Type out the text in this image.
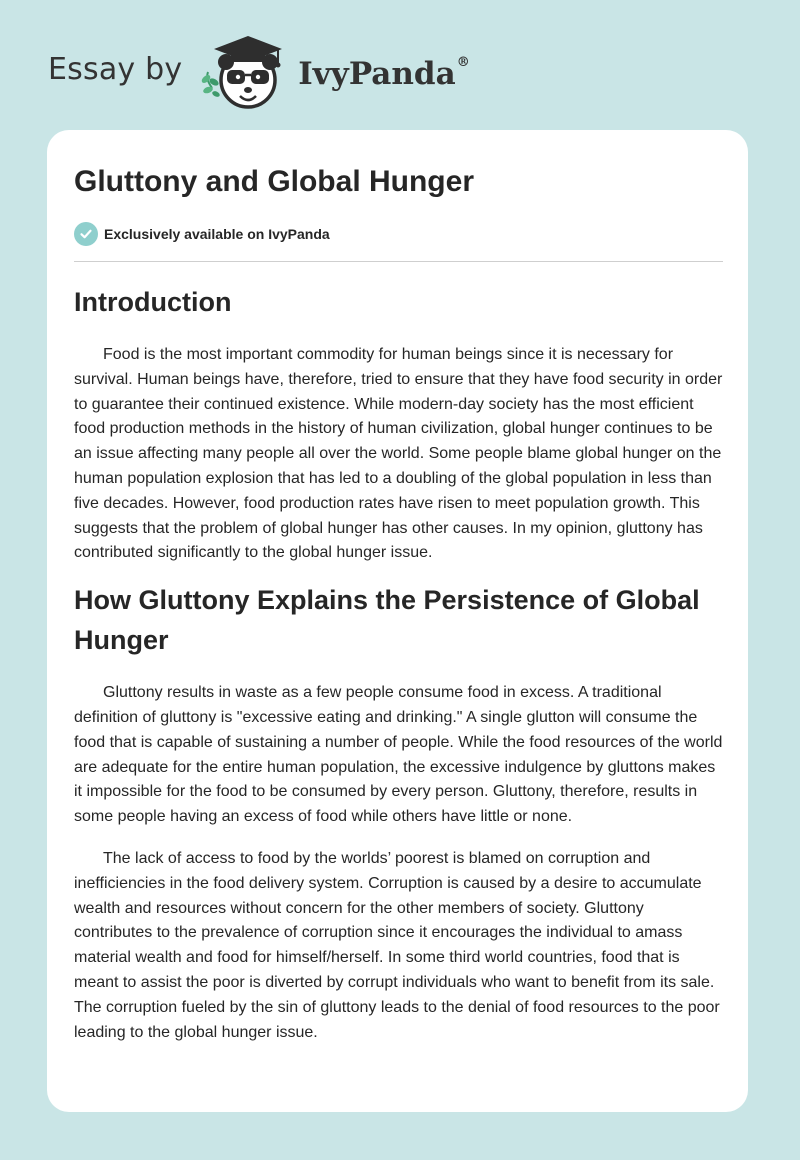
Essay by	IvyPanda®
Gluttony and Global Hunger
Exclusively available on IvyPanda
Introduction

Food is the most important commodity for human beings since it is necessary for survival. Human beings have, therefore, tried to ensure that they have food security in order to guarantee their continued existence. While modern-day society has the most efficient food production methods in the history of human civilization, global hunger continues to be an issue affecting many people all over the world. Some people blame global hunger on the human population explosion that has led to a doubling of the global population in less than five decades. However, food production rates have risen to meet population growth. This suggests that the problem of global hunger has other causes. In my opinion, gluttony has contributed significantly to the global hunger issue.

How Gluttony Explains the Persistence of Global Hunger

Gluttony results in waste as a few people consume food in excess. A traditional definition of gluttony is "excessive eating and drinking." A single glutton will consume the food that is capable of sustaining a number of people. While the food resources of the world are adequate for the entire human population, the excessive indulgence by gluttons makes it impossible for the food to be consumed by every person. Gluttony, therefore, results in some people having an excess of food while others have little or none.

The lack of access to food by the worlds’ poorest is blamed on corruption and inefficiencies in the food delivery system. Corruption is caused by a desire to accumulate wealth and resources without concern for the other members of society. Gluttony contributes to the prevalence of corruption since it encourages the individual to amass material wealth and food for himself/herself. In some third world countries, food that is meant to assist the poor is diverted by corrupt individuals who want to benefit from its sale. The corruption fueled by the sin of gluttony leads to the denial of food resources to the poor leading to the global hunger issue.
